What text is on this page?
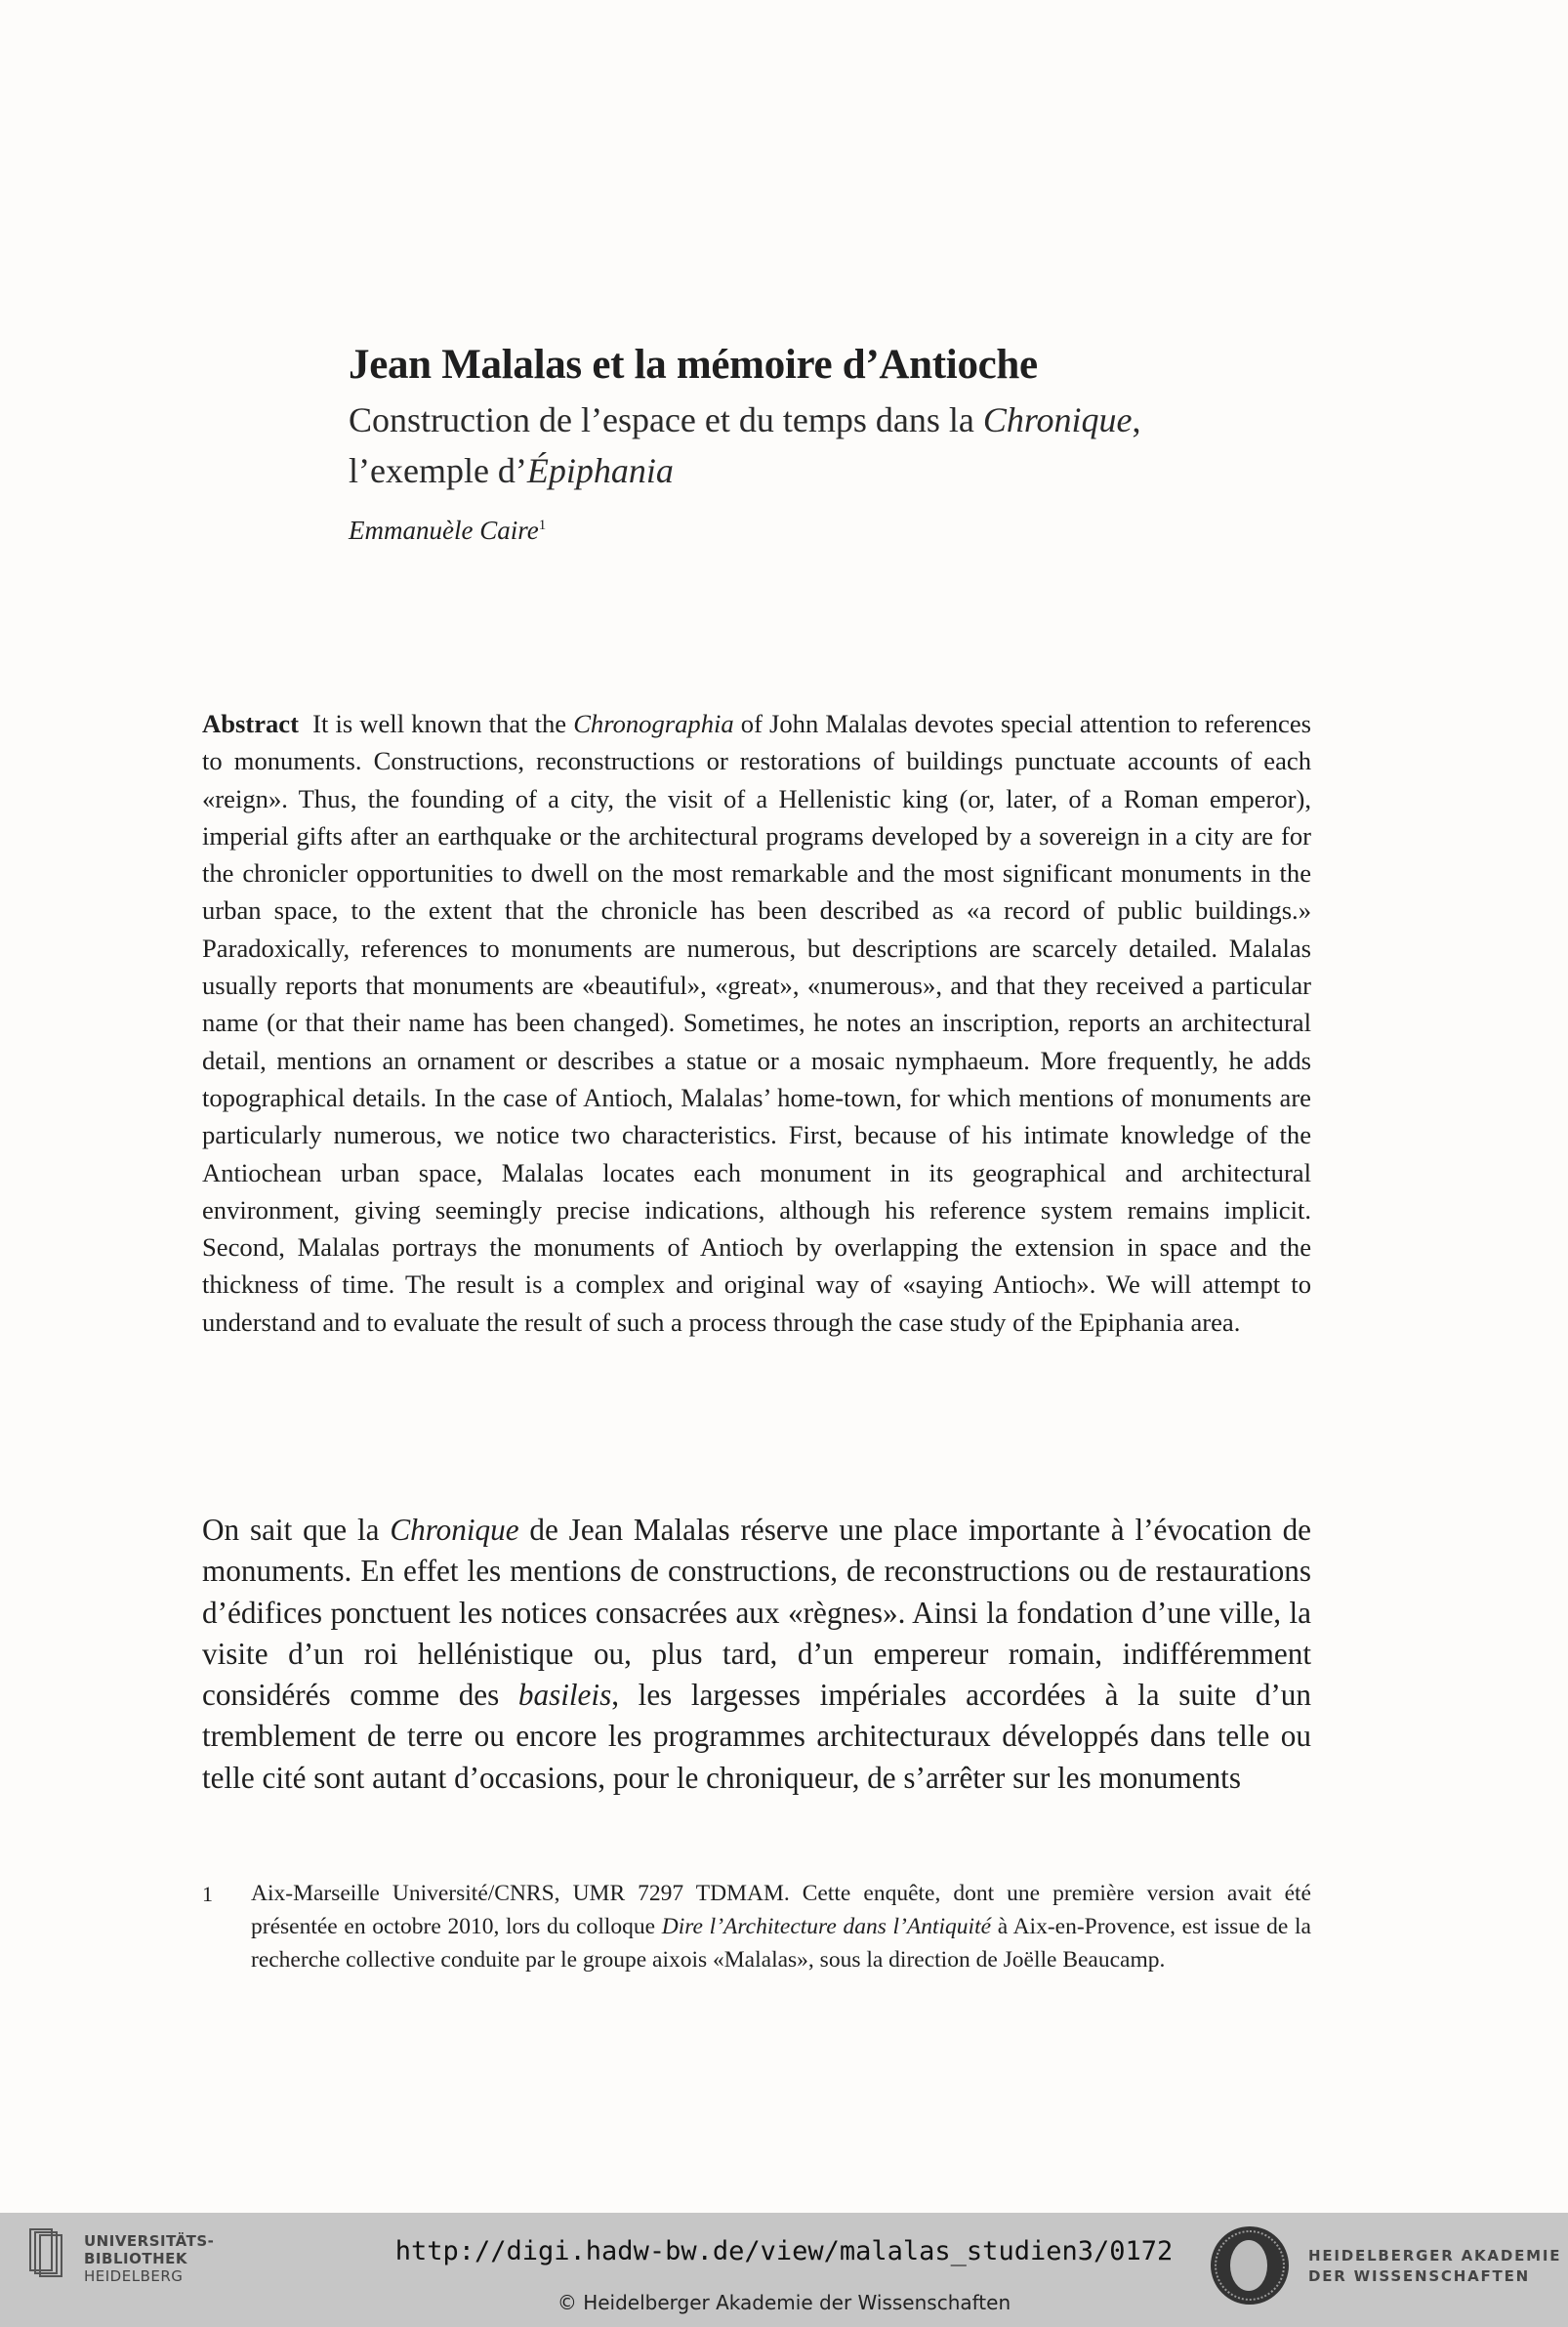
Jean Malalas et la mémoire d’Antioche

Construction de l’espace et du temps dans la Chronique,
l’exemple d’Épiphania

Emmanuèle Caire$^1$

Abstract It is well known that the Chronographia of John Malalas devotes special attention to references to monuments. Constructions, reconstructions or restorations of buildings punctuate accounts of each «reign». Thus, the founding of a city, the visit of a Hellenistic king (or, later, of a Roman emperor), imperial gifts after an earthquake or the architectural programs developed by a sovereign in a city are for the chronicler opportunities to dwell on the most remarkable and the most significant monuments in the urban space, to the extent that the chronicle has been described as «a record of public buildings.» Paradoxically, references to monuments are numerous, but descriptions are scarcely detailed. Malalas usually reports that monuments are «beautiful», «great», «numerous», and that they received a particular name (or that their name has been changed). Sometimes, he notes an inscription, reports an architectural detail, mentions an ornament or describes a statue or a mosaic nymphaeum. More frequently, he adds topographical details. In the case of Antioch, Malalas’ home-town, for which mentions of monuments are particularly numerous, we notice two characteristics. First, because of his intimate knowledge of the Antiochean urban space, Malalas locates each monument in its geographical and architectural environment, giving seemingly precise indications, although his reference system remains implicit. Second, Malalas portrays the monuments of Antioch by overlapping the extension in space and the thickness of time. The result is a complex and original way of «saying Antioch». We will attempt to understand and to evaluate the result of such a process through the case study of the Epiphania area.

On sait que la Chronique de Jean Malalas réserve une place importante à l’évocation de monuments. En effet les mentions de constructions, de reconstructions ou de restaurations d’édifices ponctuent les notices consacrées aux «règnes». Ainsi la fondation d’une ville, la visite d’un roi hellénistique ou, plus tard, d’un empereur romain, indifféremment considérés comme des basileis, les largesses impériales accordées à la suite d’un tremblement de terre ou encore les programmes architecturaux développés dans telle ou telle cité sont autant d’occasions, pour le chroniqueur, de s’arrêter sur les monuments

1 Aix-Marseille Université/CNRS, UMR 7297 TDMAM. Cette enquête, dont une première version avait été présentée en octobre 2010, lors du colloque Dire l’Architecture dans l’Antiquité à Aix-en-Provence, est issue de la recherche collective conduite par le groupe aixois «Malalas», sous la direction de Joëlle Beaucamp.
UNIVERSITÄTS-
BIBLIOTHEK
HEIDELBERG
http://digi.hadw-bw.de/view/malalas_studien3/0172
© Heidelberger Akademie der Wissenschaften
HEIDELBERGER AKADEMIE
DER WISSENSCHAFTEN
